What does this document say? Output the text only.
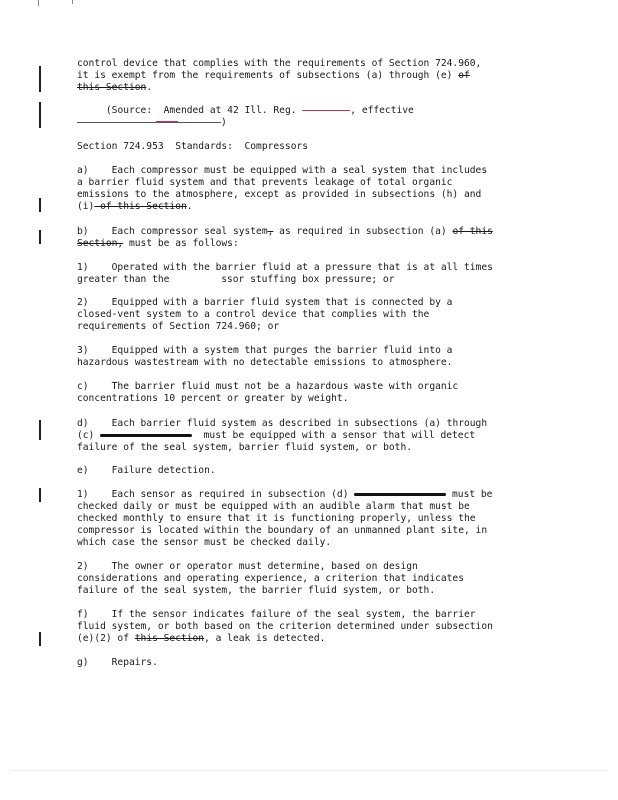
control device that complies with the requirements of Section 724.960,
it is exempt from the requirements of subsections (a) through (e) of
this Section.
(Source:  Amended at 42 Ill. Reg.	, effective
)
Section 724.953  Standards:  Compressors
a)    Each compressor must be equipped with a seal system that includes
a barrier fluid system and that prevents leakage of total organic
emissions to the atmosphere, except as provided in subsections (h) and
(i) of this Section.
b)    Each compressor seal system, as required in subsection (a) of this
Section, must be as follows:
1)    Operated with the barrier fluid at a pressure that is at all times
greater than the	ssor stuffing box pressure; or
2)    Equipped with a barrier fluid system that is connected by a
closed-vent system to a control device that complies with the
requirements of Section 724.960; or
3)    Equipped with a system that purges the barrier fluid into a
hazardous wastestream with no detectable emissions to atmosphere.
c)    The barrier fluid must not be a hazardous waste with organic
concentrations 10 percent or greater by weight.
d)    Each barrier fluid system as described in subsections (a) through
(c)	must be equipped with a sensor that will detect
failure of the seal system, barrier fluid system, or both.
e)    Failure detection.
1)    Each sensor as required in subsection (d)	must be
checked daily or must be equipped with an audible alarm that must be
checked monthly to ensure that it is functioning properly, unless the
compressor is located within the boundary of an unmanned plant site, in
which case the sensor must be checked daily.
2)    The owner or operator must determine, based on design
considerations and operating experience, a criterion that indicates
failure of the seal system, the barrier fluid system, or both.
f)    If the sensor indicates failure of the seal system, the barrier
fluid system, or both based on the criterion determined under subsection
(e)(2) of this Section, a leak is detected.
g)    Repairs.
